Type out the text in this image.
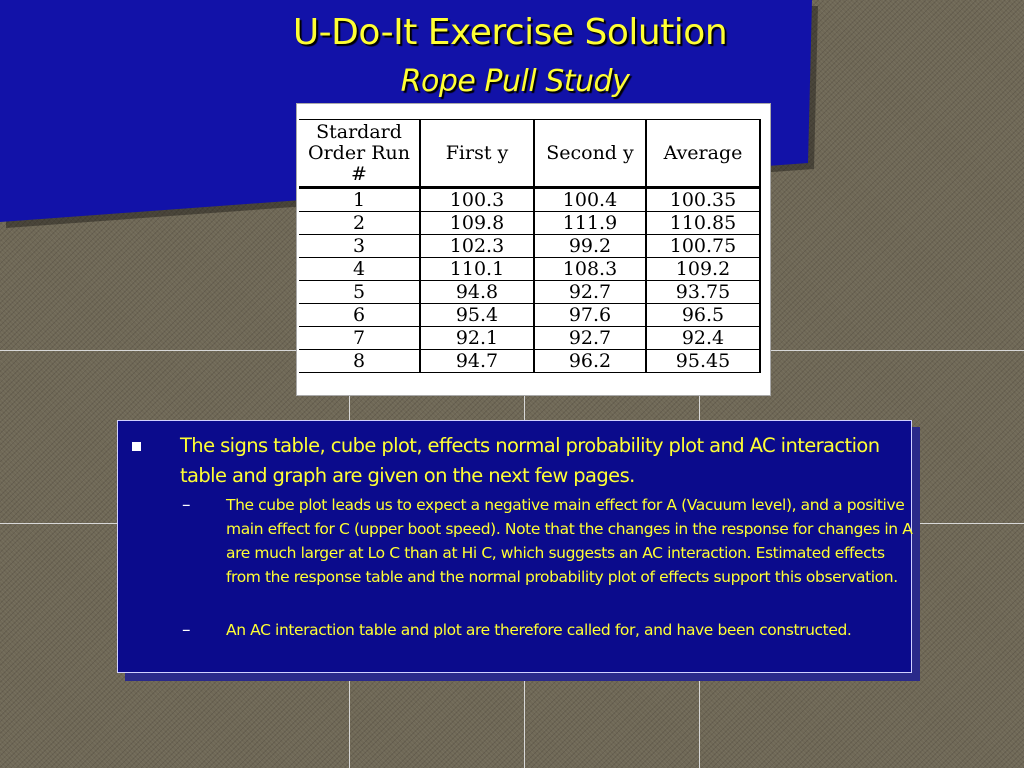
U-Do-It Exercise Solution
Rope Pull Study
Stardard Order Run #	First y	Second y	Average
1	100.3	100.4	100.35
2	109.8	111.9	110.85
3	102.3	99.2	100.75
4	110.1	108.3	109.2
5	94.8	92.7	93.75
6	95.4	97.6	96.5
7	92.1	92.7	92.4
8	94.7	96.2	95.45
The signs table, cube plot, effects normal probability plot and AC interaction table and graph are given on the next few pages.
– The cube plot leads us to expect a negative main effect for A (Vacuum level), and a positive main effect for C (upper boot speed). Note that the changes in the response for changes in A are much larger at Lo C than at Hi C, which suggests an AC interaction. Estimated effects from the response table and the normal probability plot of effects support this observation.
– An AC interaction table and plot are therefore called for, and have been constructed.
